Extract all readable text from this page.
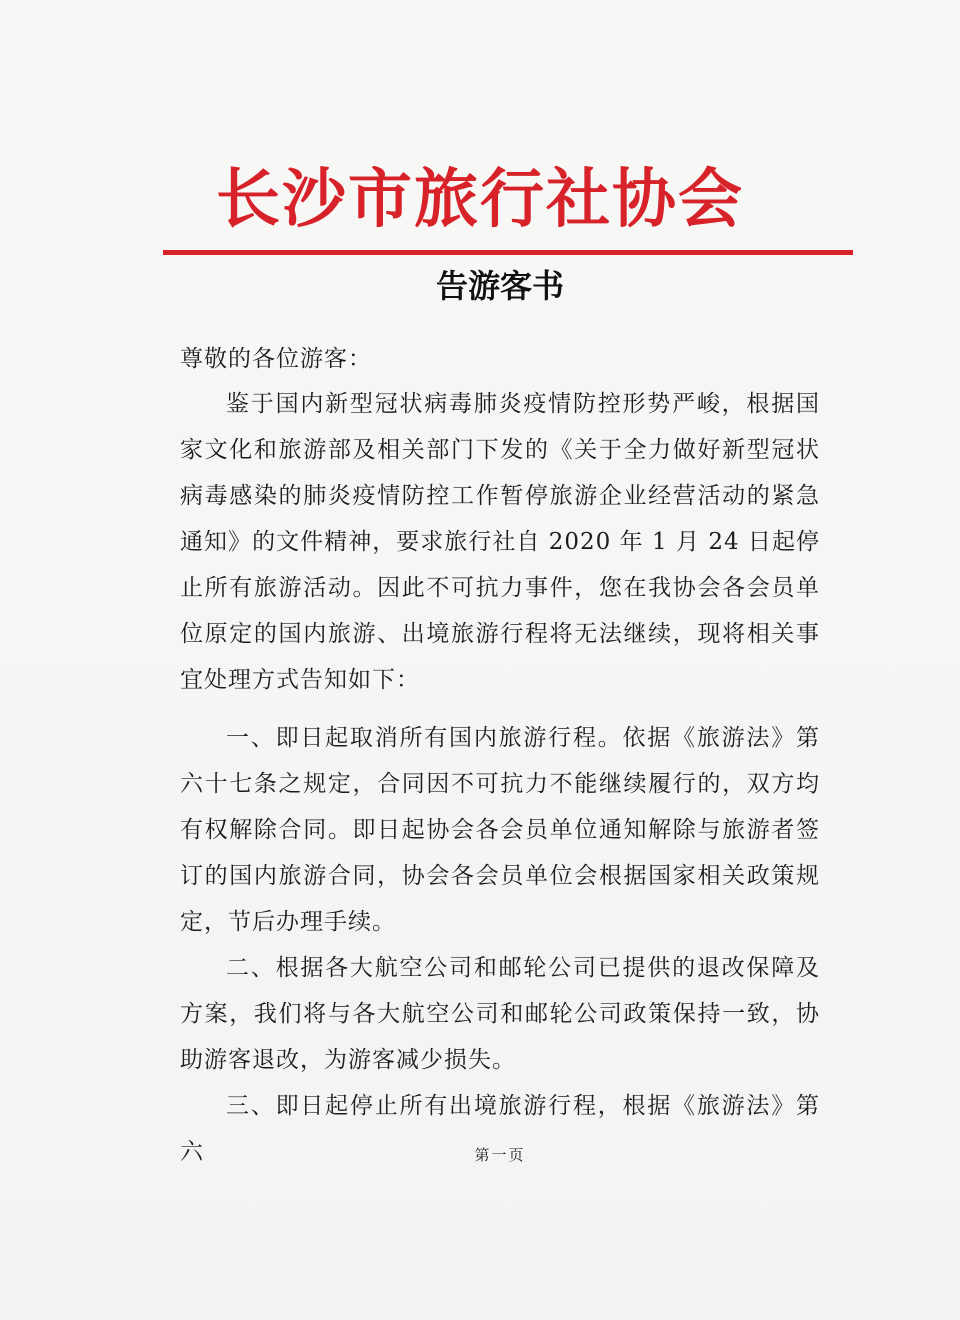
长沙市旅行社协会
告游客书
尊敬的各位游客：

鉴于国内新型冠状病毒肺炎疫情防控形势严峻，根据国家文化和旅游部及相关部门下发的《关于全力做好新型冠状病毒感染的肺炎疫情防控工作暂停旅游企业经营活动的紧急通知》的文件精神，要求旅行社自 2020 年 1 月 24 日起停止所有旅游活动。因此不可抗力事件，您在我协会各会员单位原定的国内旅游、出境旅游行程将无法继续，现将相关事宜处理方式告知如下：

一、即日起取消所有国内旅游行程。依据《旅游法》第六十七条之规定，合同因不可抗力不能继续履行的，双方均有权解除合同。即日起协会各会员单位通知解除与旅游者签订的国内旅游合同，协会各会员单位会根据国家相关政策规定，节后办理手续。

二、根据各大航空公司和邮轮公司已提供的退改保障及方案，我们将与各大航空公司和邮轮公司政策保持一致，协助游客退改，为游客减少损失。

三、即日起停止所有出境旅游行程，根据《旅游法》第六	第一页
